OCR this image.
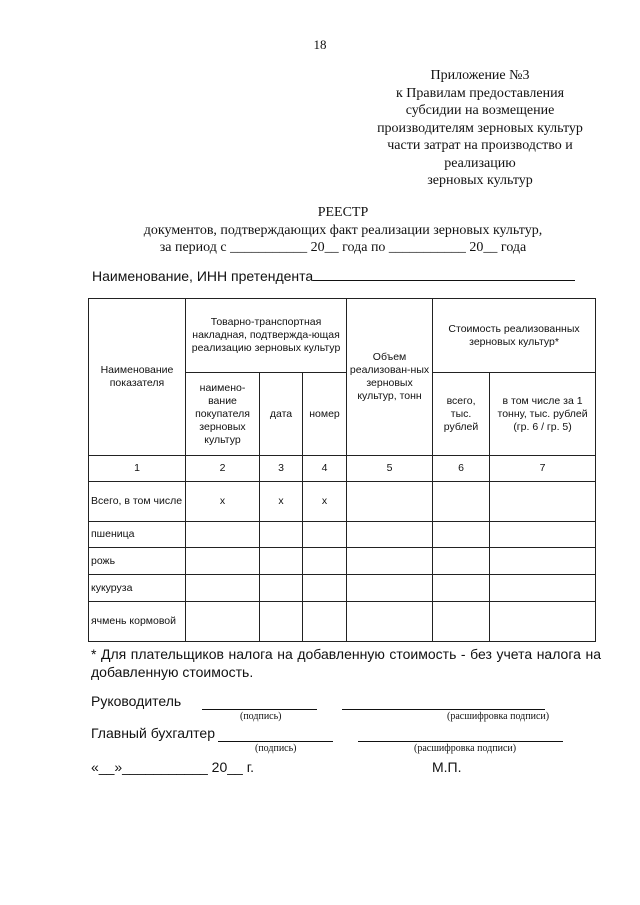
18
Приложение №3
к Правилам предоставления
субсидии на возмещение
производителям зерновых культур
части затрат на производство и
реализацию
зерновых культур
РЕЕСТР
документов, подтверждающих факт реализации зерновых культур,
за период с ___________ 20__ года по ___________ 20__ года
Наименование, ИНН претендента
Наименование показателя	Товарно-транспортная накладная, подтвержда-ющая реализацию зерновых культур			Объем реализован-ных зерновых культур, тонн	Стоимость реализованных зерновых культур*	
	наимено-вание покупателя зерновых культур	дата	номер		всего, тыс. рублей	в том числе за 1 тонну, тыс. рублей (гр. 6 / гр. 5)
1	2	3	4	5	6	7
Всего, в том числе	х	х	х			
пшеница						
рожь						
кукуруза						
ячмень кормовой						
* Для плательщиков налога на добавленную стоимость - без учета налога на добавленную стоимость.
Руководитель
(подпись)	(расшифровка подписи)
Главный бухгалтер
(подпись)	(расшифровка подписи)
«__»___________ 20__ г.	М.П.
